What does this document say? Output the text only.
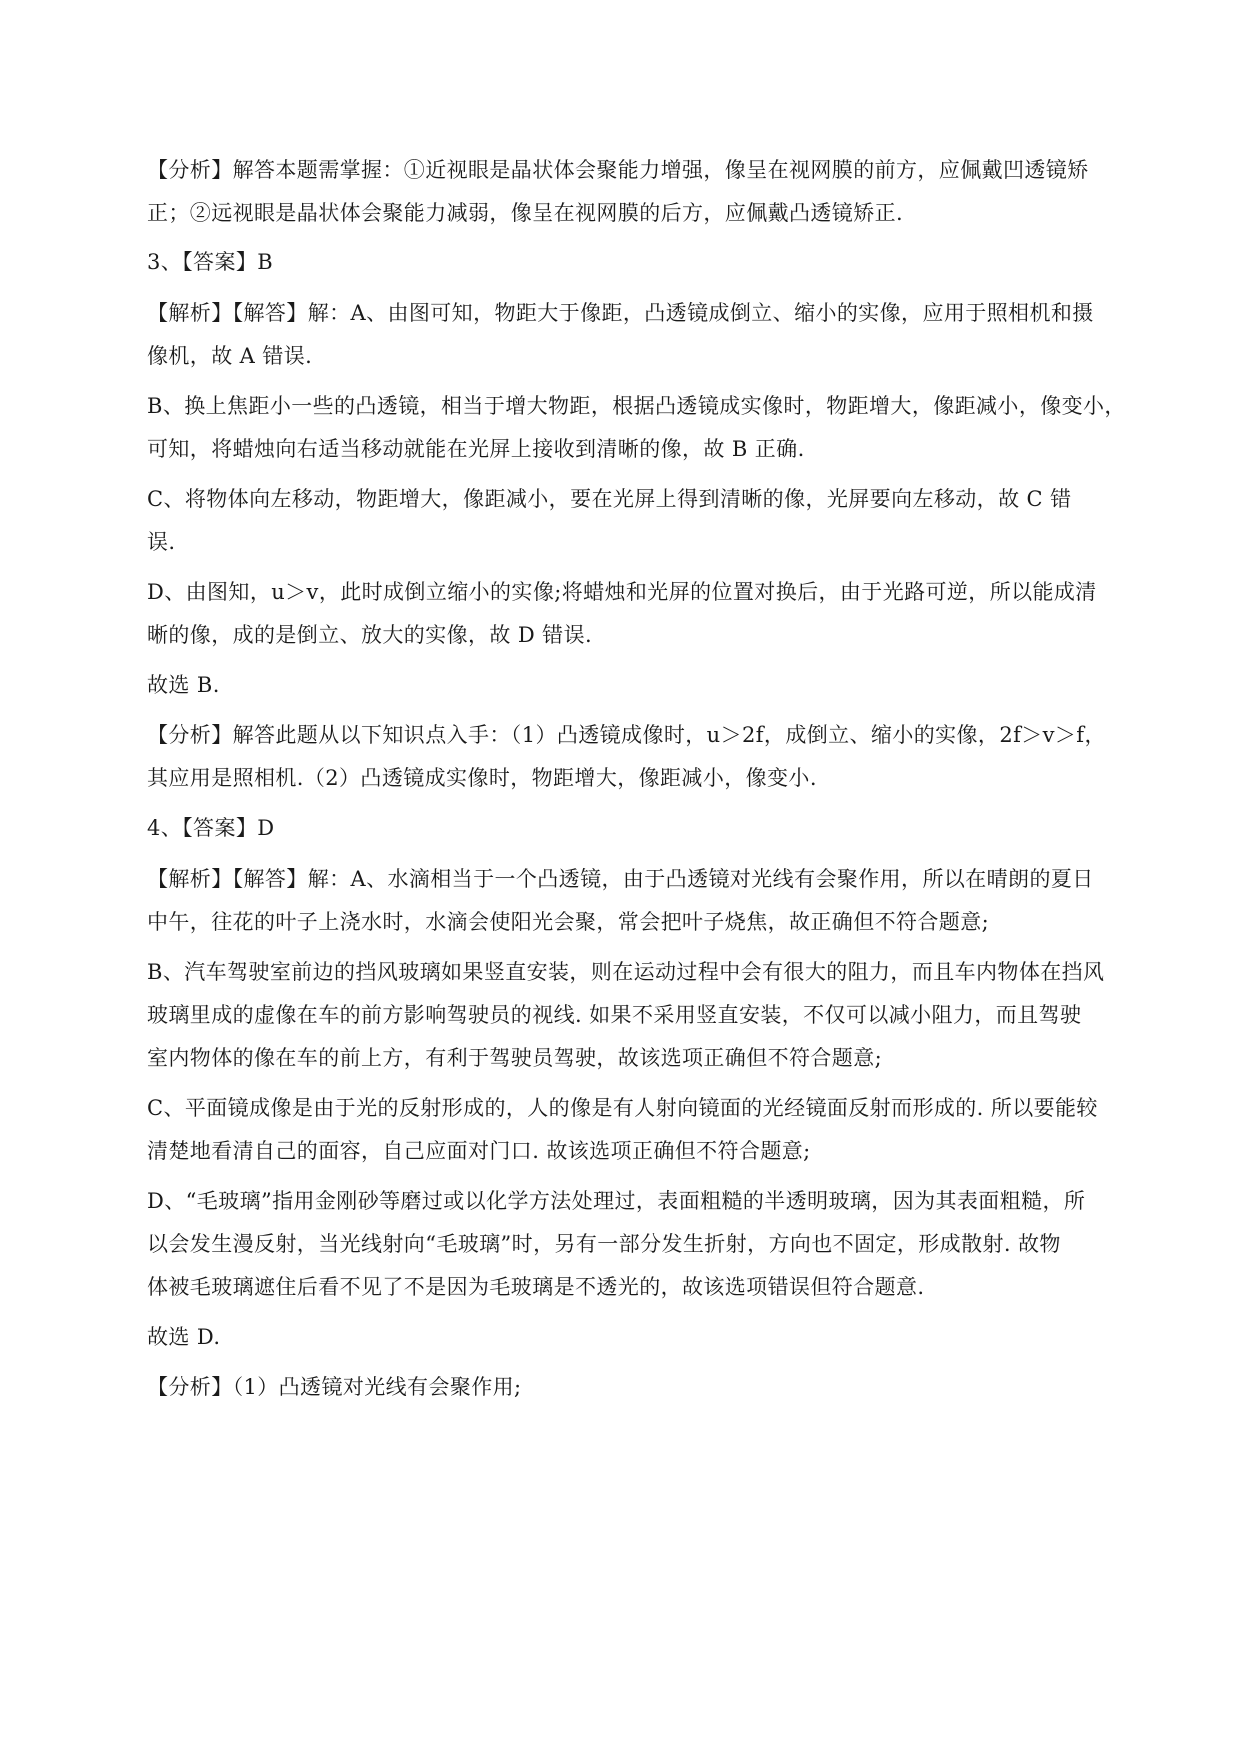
【分析】解答本题需掌握：①近视眼是晶状体会聚能力增强，像呈在视网膜的前方，应佩戴凹透镜矫
正；②远视眼是晶状体会聚能力减弱，像呈在视网膜的后方，应佩戴凸透镜矫正.
3、【答案】B
【解析】【解答】解：A、由图可知，物距大于像距，凸透镜成倒立、缩小的实像，应用于照相机和摄
像机，故 A 错误.
B、换上焦距小一些的凸透镜，相当于增大物距，根据凸透镜成实像时，物距增大，像距减小，像变小，
可知，将蜡烛向右适当移动就能在光屏上接收到清晰的像，故 B 正确.
C、将物体向左移动，物距增大，像距减小，要在光屏上得到清晰的像，光屏要向左移动，故 C 错
误.
D、由图知，u＞v，此时成倒立缩小的实像;将蜡烛和光屏的位置对换后，由于光路可逆，所以能成清
晰的像，成的是倒立、放大的实像，故 D 错误.
故选 B.
【分析】解答此题从以下知识点入手：（1）凸透镜成像时，u＞2f，成倒立、缩小的实像，2f＞v＞f，
其应用是照相机.（2）凸透镜成实像时，物距增大，像距减小，像变小.
4、【答案】D
【解析】【解答】解：A、水滴相当于一个凸透镜，由于凸透镜对光线有会聚作用，所以在晴朗的夏日
中午，往花的叶子上浇水时，水滴会使阳光会聚，常会把叶子烧焦，故正确但不符合题意;
B、汽车驾驶室前边的挡风玻璃如果竖直安装，则在运动过程中会有很大的阻力，而且车内物体在挡风
玻璃里成的虚像在车的前方影响驾驶员的视线. 如果不采用竖直安装，不仅可以减小阻力，而且驾驶
室内物体的像在车的前上方，有利于驾驶员驾驶，故该选项正确但不符合题意;
C、平面镜成像是由于光的反射形成的，人的像是有人射向镜面的光经镜面反射而形成的. 所以要能较
清楚地看清自己的面容，自己应面对门口. 故该选项正确但不符合题意;
D、“毛玻璃”指用金刚砂等磨过或以化学方法处理过，表面粗糙的半透明玻璃，因为其表面粗糙，所
以会发生漫反射，当光线射向“毛玻璃”时，另有一部分发生折射，方向也不固定，形成散射. 故物
体被毛玻璃遮住后看不见了不是因为毛玻璃是不透光的，故该选项错误但符合题意.
故选 D.
【分析】（1）凸透镜对光线有会聚作用;
